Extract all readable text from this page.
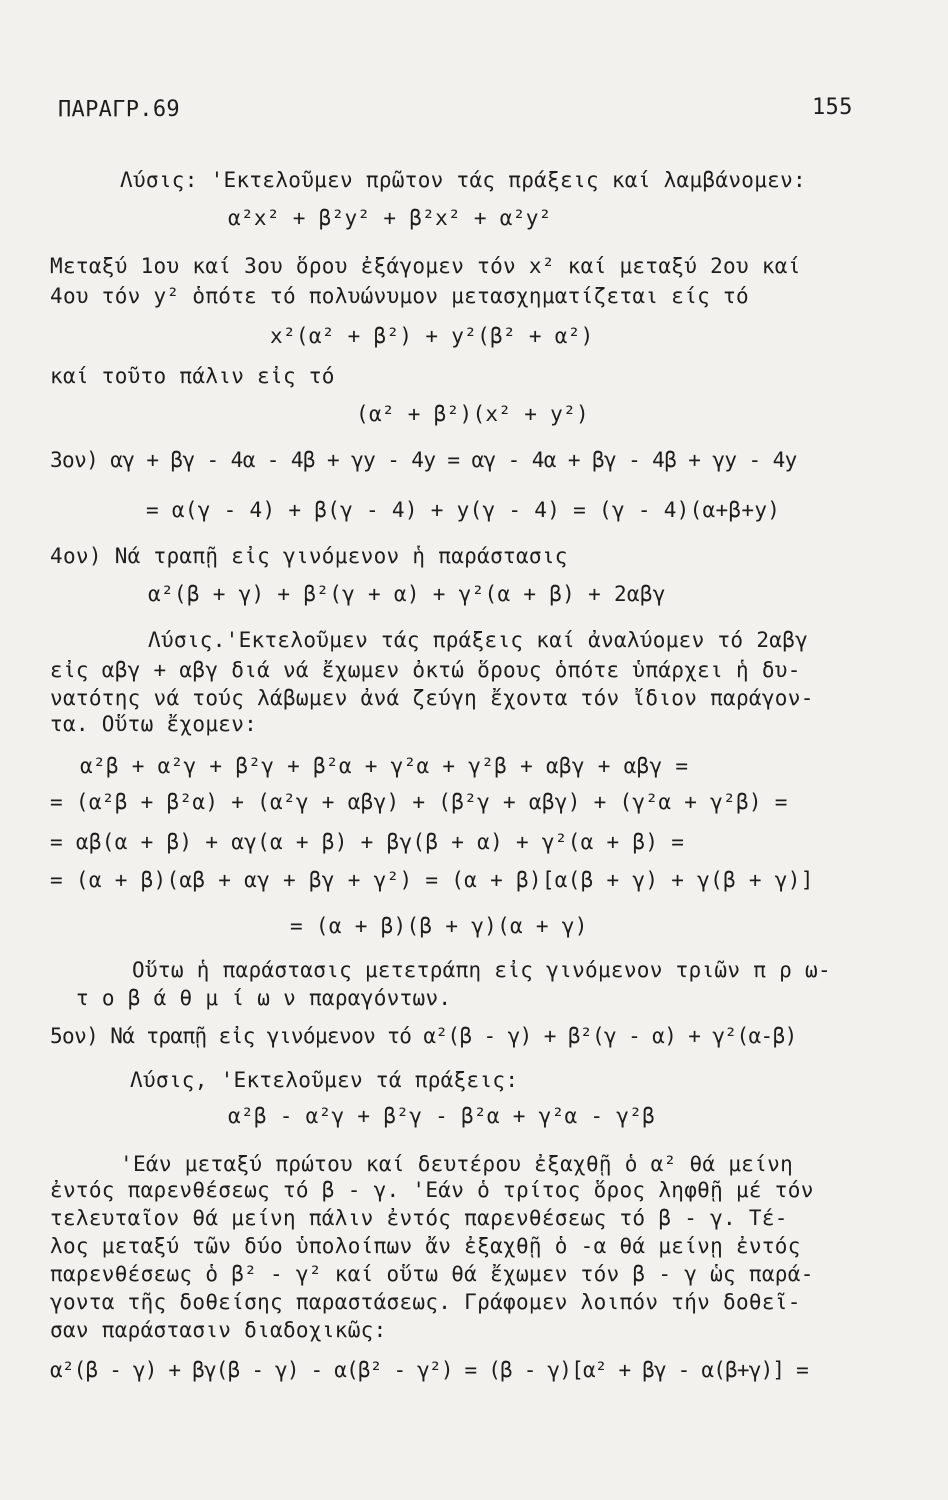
ΠΑΡΑΓΡ.69	155
Λύσις: 'Εκτελοῦμεν πρῶτον τάς πράξεις καί λαμβάνομεν:
α²x² + β²y² + β²x² + α²y²
Μεταξύ 1ου καί 3ου ὅρου ἐξάγομεν τόν x² καί μεταξύ 2ου καί
4ου τόν y² ὁπότε τό πολυώνυμον μετασχηματίζεται είς τό
x²(α² + β²) + y²(β² + α²)
καί τοῦτο πάλιν εἰς τό
(α² + β²)(x² + y²)
3ον) αγ + βγ - 4α - 4β + γy - 4y = αγ - 4α + βγ - 4β + γy - 4y
= α(γ - 4) + β(γ - 4) + y(γ - 4) = (γ - 4)(α+β+y)
4ον) Νά τραπῇ εἰς γινόμενον ἡ παράστασις
α²(β + γ) + β²(γ + α) + γ²(α + β) + 2αβγ
Λύσις.'Εκτελοῦμεν τάς πράξεις καί ἀναλύομεν τό 2αβγ
εἰς αβγ + αβγ διά νά ἔχωμεν ὀκτώ ὅρους ὁπότε ὑπάρχει ἡ δυ-
νατότης νά τούς λάβωμεν ἀνά ζεύγη ἔχοντα τόν ἴδιον παράγον-
τα. Οὕτω ἔχομεν:
α²β + α²γ + β²γ + β²α + γ²α + γ²β + αβγ + αβγ =
= (α²β + β²α) + (α²γ + αβγ) + (β²γ + αβγ) + (γ²α + γ²β) =
= αβ(α + β) + αγ(α + β) + βγ(β + α) + γ²(α + β) =
= (α + β)(αβ + αγ + βγ + γ²) = (α + β)[α(β + γ) + γ(β + γ)]
= (α + β)(β + γ)(α + γ)
Οὕτω ἡ παράστασις μετετράπη εἰς γινόμενον τριῶν π ρ ω-
τ ο β ά θ μ ί ω ν παραγόντων.
5ον) Νά τραπῇ εἰς γινόμενον τό α²(β - γ) + β²(γ - α) + γ²(α-β)
Λύσις, 'Εκτελοῦμεν τά πράξεις:
α²β - α²γ + β²γ - β²α + γ²α - γ²β
'Εάν μεταξύ πρώτου καί δευτέρου ἐξαχθῇ ὁ α² θά μείνη
ἐντός παρενθέσεως τό β - γ. 'Εάν ὁ τρίτος ὅρος ληφθῇ μέ τόν
τελευταῖον θά μείνη πάλιν ἐντός παρενθέσεως τό β - γ. Τέ-
λος μεταξύ τῶν δύο ὑπολοίπων ἄν ἐξαχθῇ ὁ -α θά μείνῃ ἐντός
παρενθέσεως ὁ β² - γ² καί οὕτω θά ἔχωμεν τόν β - γ ὡς παρά-
γοντα τῆς δοθείσης παραστάσεως. Γράφομεν λοιπόν τήν δοθεῖ-
σαν παράστασιν διαδοχικῶς:
α²(β - γ) + βγ(β - γ) - α(β² - γ²) = (β - γ)[α² + βγ - α(β+γ)] =
